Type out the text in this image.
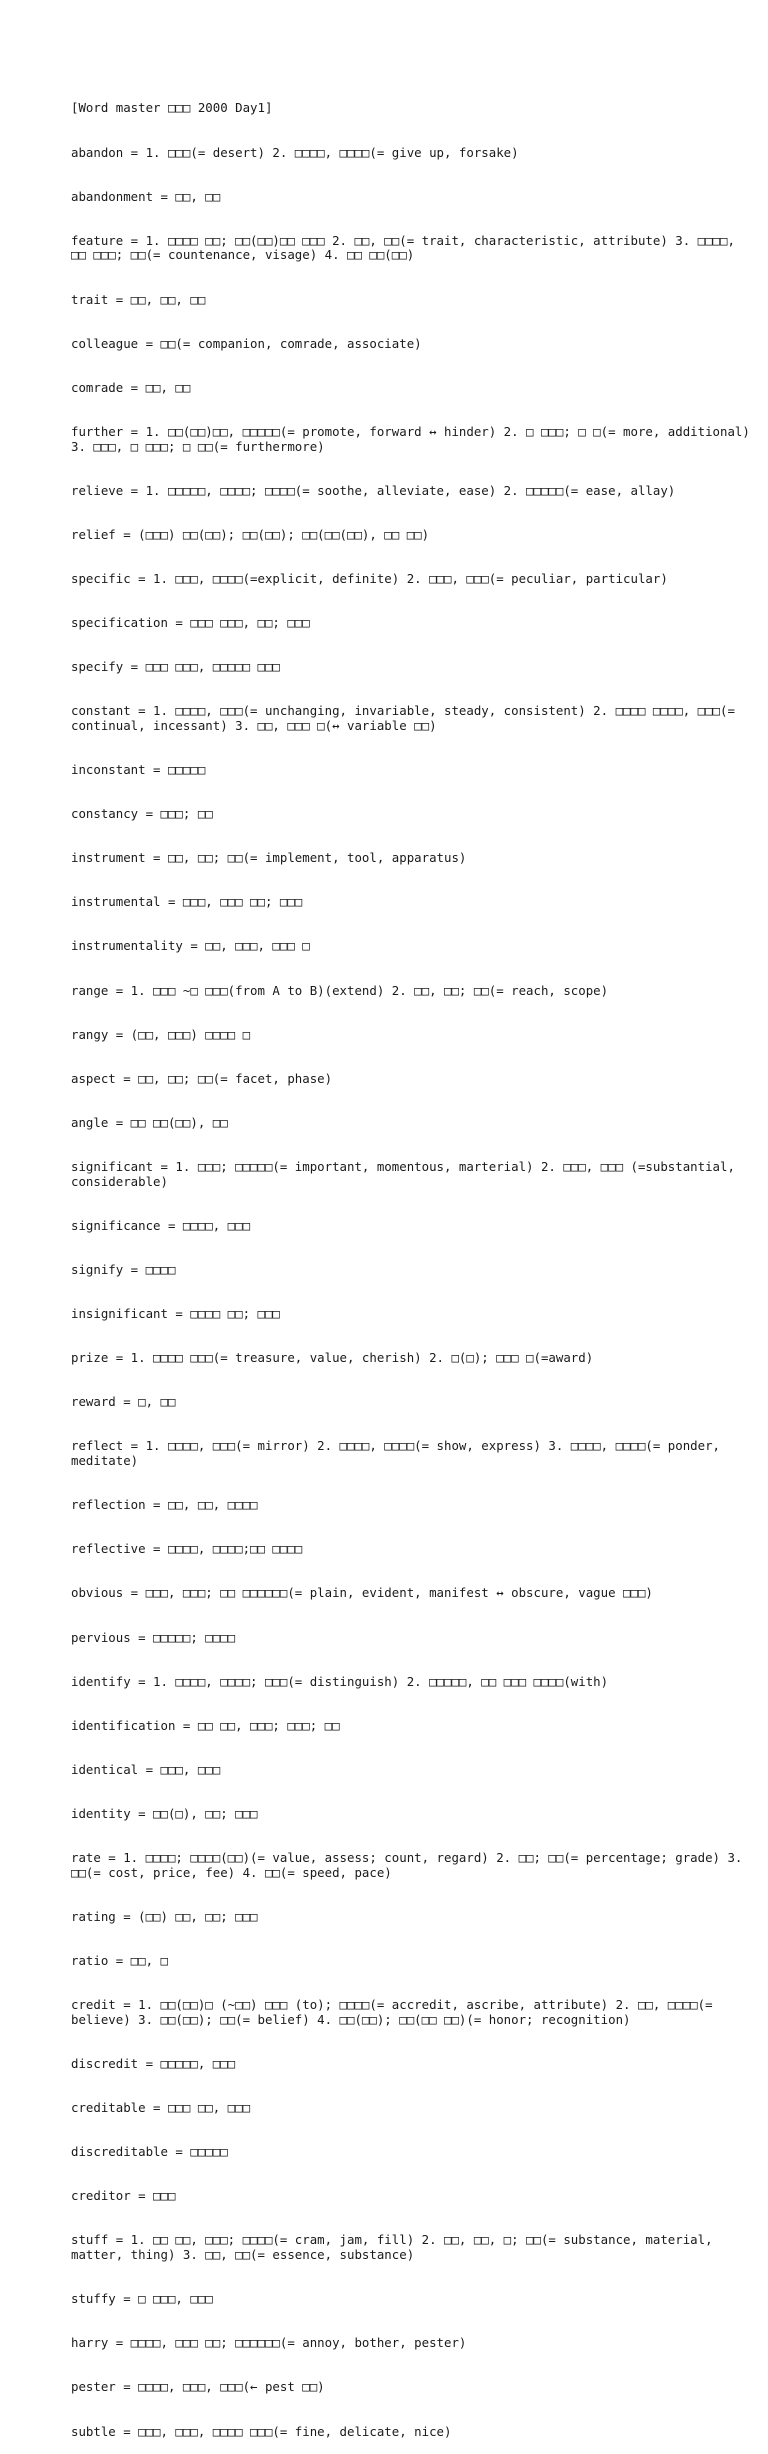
[Word master □□□ 2000 Day1]

abandon = 1. □□□(= desert) 2. □□□□, □□□□(= give up, forsake)

abandonment = □□, □□

feature = 1. □□□□ □□; □□(□□)□□ □□□ 2. □□, □□(= trait, characteristic, attribute) 3. □□□□, □□ □□□; □□(= countenance, visage) 4. □□ □□(□□)

trait = □□, □□, □□

colleague = □□(= companion, comrade, associate)

comrade = □□, □□

further = 1. □□(□□)□□, □□□□□(= promote, forward ↔ hinder) 2. □ □□□; □ □(= more, additional) 3. □□□, □ □□□; □ □□(= furthermore)

relieve = 1. □□□□□, □□□□; □□□□(= soothe, alleviate, ease) 2. □□□□□(= ease, allay)

relief = (□□□) □□(□□); □□(□□); □□(□□(□□), □□ □□)

specific = 1. □□□, □□□□(=explicit, definite) 2. □□□, □□□(= peculiar, particular)

specification = □□□ □□□, □□; □□□

specify = □□□ □□□, □□□□□ □□□

constant = 1. □□□□, □□□(= unchanging, invariable, steady, consistent) 2. □□□□ □□□□, □□□(= continual, incessant) 3. □□, □□□ □(↔ variable □□)

inconstant = □□□□□

constancy = □□□; □□

instrument = □□, □□; □□(= implement, tool, apparatus)

instrumental = □□□, □□□ □□; □□□

instrumentality = □□, □□□, □□□ □

range = 1. □□□ ~□ □□□(from A to B)(extend) 2. □□, □□; □□(= reach, scope)

rangy = (□□, □□□) □□□□ □

aspect = □□, □□; □□(= facet, phase)

angle = □□ □□(□□), □□

significant = 1. □□□; □□□□□(= important, momentous, marterial) 2. □□□, □□□ (=substantial, considerable)

significance = □□□□, □□□

signify = □□□□

insignificant = □□□□ □□; □□□

prize = 1. □□□□ □□□(= treasure, value, cherish) 2. □(□); □□□ □(=award)

reward = □, □□

reflect = 1. □□□□, □□□(= mirror) 2. □□□□, □□□□(= show, express) 3. □□□□, □□□□(= ponder, meditate)

reflection = □□, □□, □□□□

reflective = □□□□, □□□□;□□ □□□□

obvious = □□□, □□□; □□ □□□□□□(= plain, evident, manifest ↔ obscure, vague □□□)

pervious = □□□□□; □□□□

identify = 1. □□□□, □□□□; □□□(= distinguish) 2. □□□□□, □□ □□□ □□□□(with)

identification = □□ □□, □□□; □□□; □□

identical = □□□, □□□

identity = □□(□), □□; □□□

rate = 1. □□□□; □□□□(□□)(= value, assess; count, regard) 2. □□; □□(= percentage; grade) 3. □□(= cost, price, fee) 4. □□(= speed, pace)

rating = (□□) □□, □□; □□□

ratio = □□, □

credit = 1. □□(□□)□ (~□□) □□□ (to); □□□□(= accredit, ascribe, attribute) 2. □□, □□□□(= believe) 3. □□(□□); □□(= belief) 4. □□(□□); □□(□□ □□)(= honor; recognition)

discredit = □□□□□, □□□

creditable = □□□ □□, □□□

discreditable = □□□□□

creditor = □□□

stuff = 1. □□ □□, □□□; □□□□(= cram, jam, fill) 2. □□, □□, □; □□(= substance, material, matter, thing) 3. □□, □□(= essence, substance)

stuffy = □ □□□, □□□

harry = □□□□, □□□ □□; □□□□□□(= annoy, bother, pester)

pester = □□□□, □□□, □□□(← pest □□)

subtle = □□□, □□□, □□□□ □□□(= fine, delicate, nice)
